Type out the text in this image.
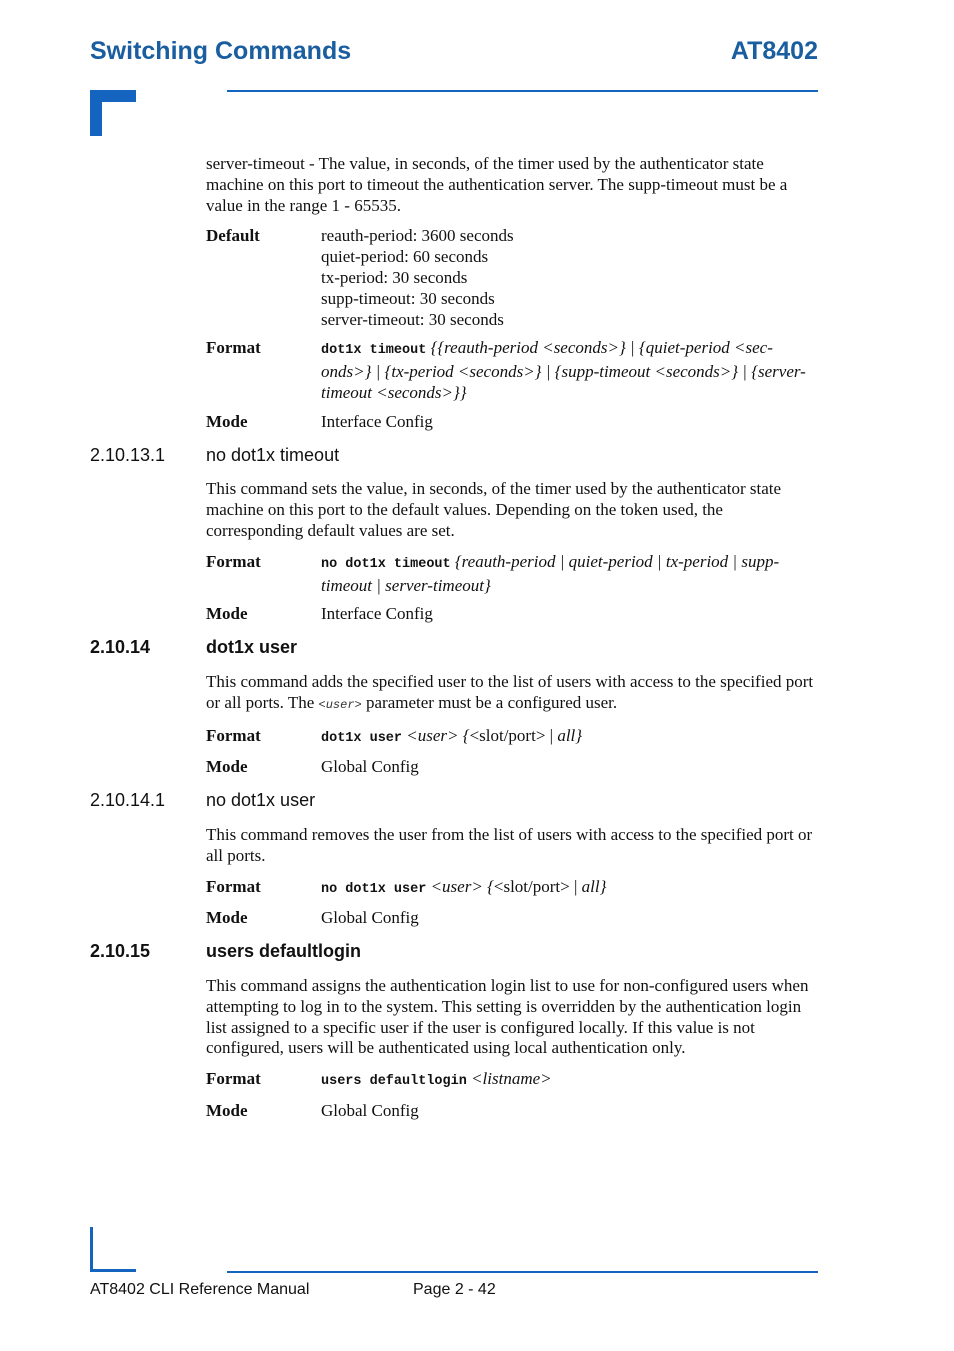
Switching Commands	AT8402

server-timeout - The value, in seconds, of the timer used by the authenticator state machine on this port to timeout the authentication server. The supp-timeout must be a value in the range 1 - 65535.

Default	reauth-period: 3600 seconds
quiet-period: 60 seconds
tx-period: 30 seconds
supp-timeout: 30 seconds
server-timeout: 30 seconds
Format	dot1x timeout {{reauth-period <seconds>} | {quiet-period <sec-onds>} | {tx-period <seconds>} | {supp-timeout <seconds>} | {server-timeout <seconds>}}
Mode	Interface Config
2.10.13.1 no dot1x timeout

This command sets the value, in seconds, of the timer used by the authenticator state machine on this port to the default values. Depending on the token used, the corresponding default values are set.

Format	no dot1x timeout {reauth-period | quiet-period | tx-period | supp-timeout | server-timeout}
Mode	Interface Config
2.10.14	dot1x user

This command adds the specified user to the list of users with access to the specified port or all ports. The <user> parameter must be a configured user.

Format	dot1x user <user> {<slot/port> | all}
Mode	Global Config
2.10.14.1 no dot1x user

This command removes the user from the list of users with access to the specified port or all ports.

Format	no dot1x user <user> {<slot/port> | all}
Mode	Global Config
2.10.15	users defaultlogin

This command assigns the authentication login list to use for non-configured users when attempting to log in to the system. This setting is overridden by the authentication login list assigned to a specific user if the user is configured locally. If this value is not configured, users will be authenticated using local authentication only.

Format	users defaultlogin <listname>
Mode	Global Config
AT8402 CLI Reference Manual	Page 2 - 42
